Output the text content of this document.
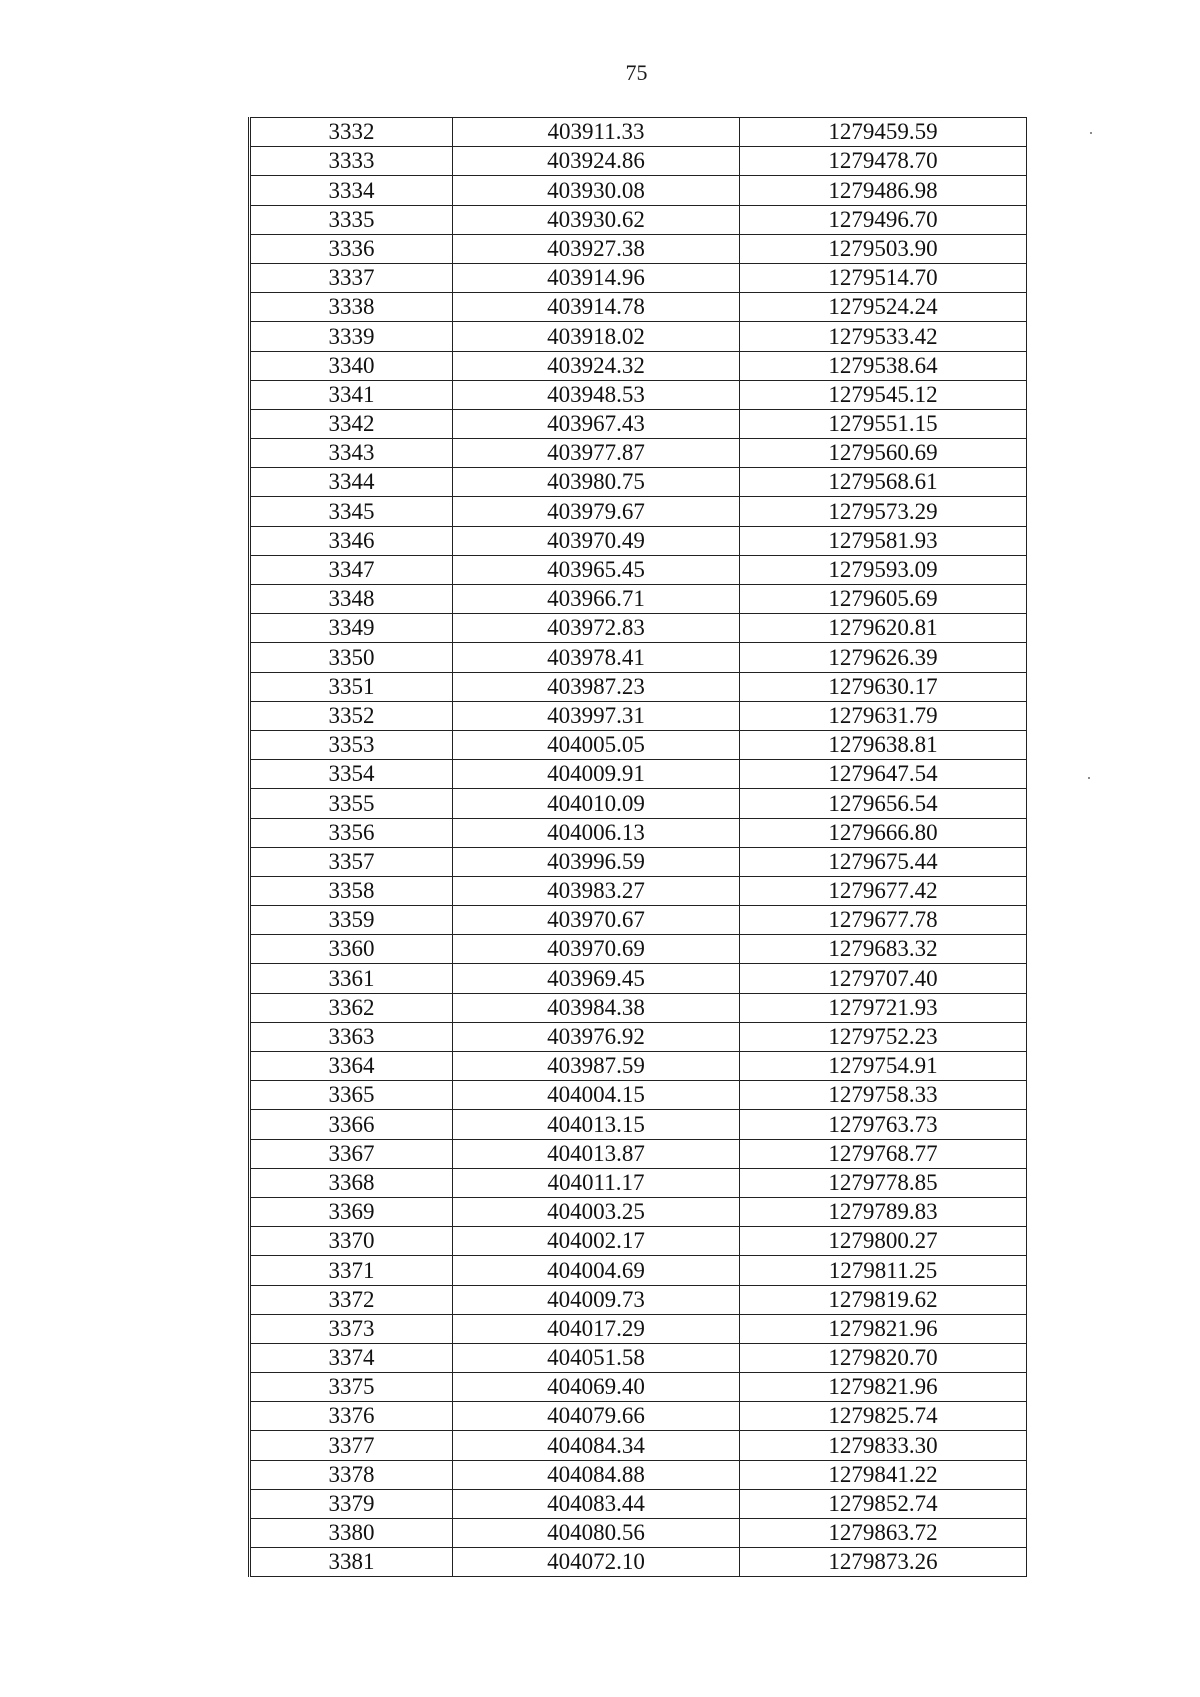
75
3332	403911.33	1279459.59
3333	403924.86	1279478.70
3334	403930.08	1279486.98
3335	403930.62	1279496.70
3336	403927.38	1279503.90
3337	403914.96	1279514.70
3338	403914.78	1279524.24
3339	403918.02	1279533.42
3340	403924.32	1279538.64
3341	403948.53	1279545.12
3342	403967.43	1279551.15
3343	403977.87	1279560.69
3344	403980.75	1279568.61
3345	403979.67	1279573.29
3346	403970.49	1279581.93
3347	403965.45	1279593.09
3348	403966.71	1279605.69
3349	403972.83	1279620.81
3350	403978.41	1279626.39
3351	403987.23	1279630.17
3352	403997.31	1279631.79
3353	404005.05	1279638.81
3354	404009.91	1279647.54
3355	404010.09	1279656.54
3356	404006.13	1279666.80
3357	403996.59	1279675.44
3358	403983.27	1279677.42
3359	403970.67	1279677.78
3360	403970.69	1279683.32
3361	403969.45	1279707.40
3362	403984.38	1279721.93
3363	403976.92	1279752.23
3364	403987.59	1279754.91
3365	404004.15	1279758.33
3366	404013.15	1279763.73
3367	404013.87	1279768.77
3368	404011.17	1279778.85
3369	404003.25	1279789.83
3370	404002.17	1279800.27
3371	404004.69	1279811.25
3372	404009.73	1279819.62
3373	404017.29	1279821.96
3374	404051.58	1279820.70
3375	404069.40	1279821.96
3376	404079.66	1279825.74
3377	404084.34	1279833.30
3378	404084.88	1279841.22
3379	404083.44	1279852.74
3380	404080.56	1279863.72
3381	404072.10	1279873.26
